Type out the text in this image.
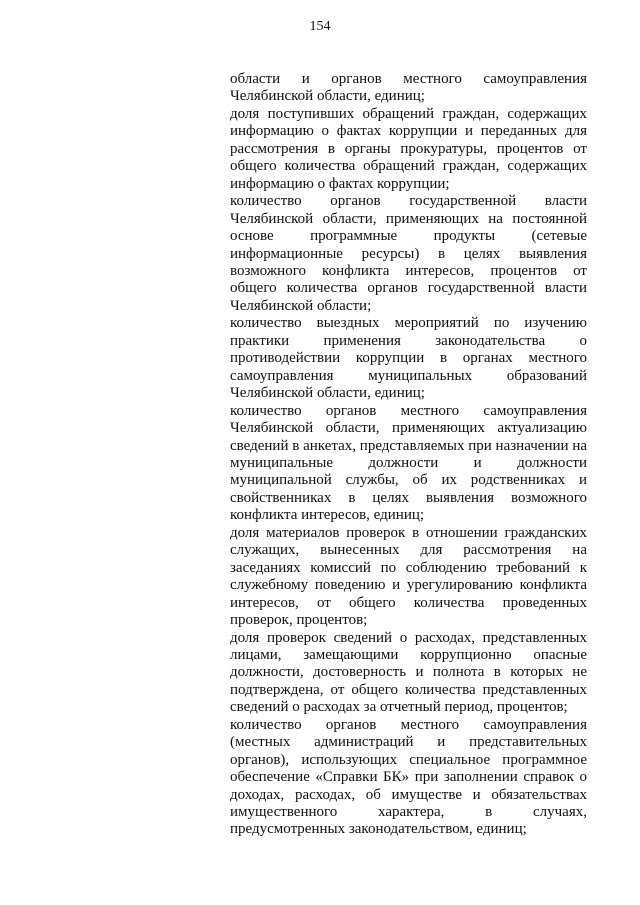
154

области и органов местного самоуправления Челябинской области, единиц;

доля поступивших обращений граждан, содержащих информацию о фактах коррупции и переданных для рассмотрения в органы прокуратуры, процентов от общего количества обращений граждан, содержащих информацию о фактах коррупции;

количество органов государственной власти Челябинской области, применяющих на постоянной основе программные продукты (сетевые информационные ресурсы) в целях выявления возможного конфликта интересов, процентов от общего количества органов государственной власти Челябинской области;

количество выездных мероприятий по изучению практики применения законодательства о противодействии коррупции в органах местного самоуправления муниципальных образований Челябинской области, единиц;

количество органов местного самоуправления Челябинской области, применяющих актуализацию сведений в анкетах, представляемых при назначении на муниципальные должности и должности муниципальной службы, об их родственниках и свойственниках в целях выявления возможного конфликта интересов, единиц;

доля материалов проверок в отношении гражданских служащих, вынесенных для рассмотрения на заседаниях комиссий по соблюдению требований к служебному поведению и урегулированию конфликта интересов, от общего количества проведенных проверок, процентов;

доля проверок сведений о расходах, представленных лицами, замещающими коррупционно опасные должности, достоверность и полнота в которых не подтверждена, от общего количества представленных сведений о расходах за отчетный период, процентов;

количество органов местного самоуправления (местных администраций и представительных органов), использующих специальное программное обеспечение «Справки БК» при заполнении справок о доходах, расходах, об имуществе и обязательствах имущественного характера, в случаях, предусмотренных законодательством, единиц;
